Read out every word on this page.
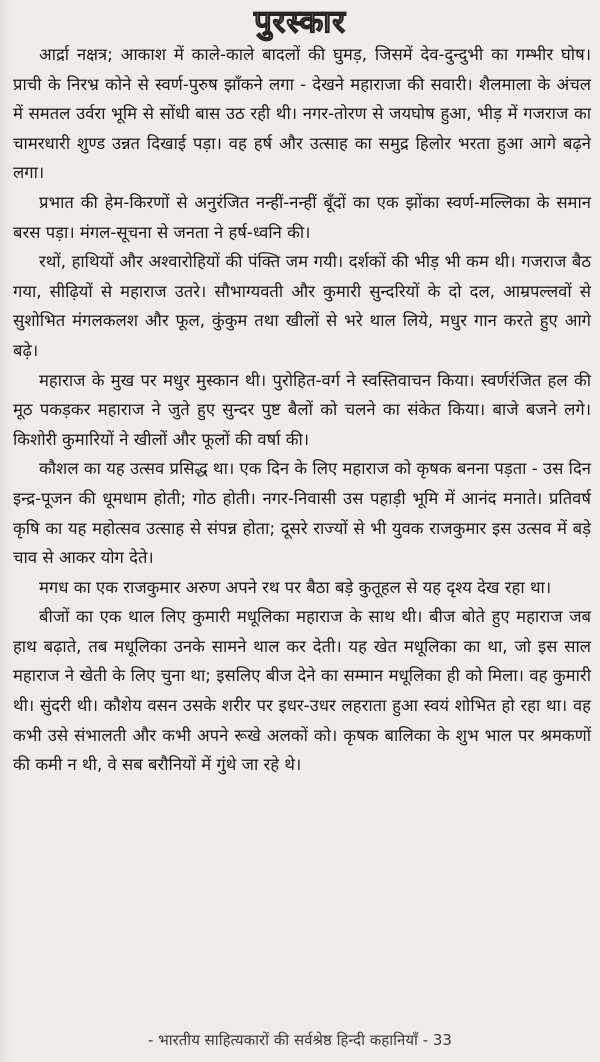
पुरस्कार

आर्द्रा नक्षत्र; आकाश में काले-काले बादलों की घुमड़, जिसमें देव-दुन्दुभी का गम्भीर घोष। प्राची के निरभ्र कोने से स्वर्ण-पुरुष झाँकने लगा - देखने महाराजा की सवारी। शैलमाला के अंचल में समतल उर्वरा भूमि से सोंधी बास उठ रही थी। नगर-तोरण से जयघोष हुआ, भीड़ में गजराज का चामरधारी शुण्ड उन्नत दिखाई पड़ा। वह हर्ष और उत्साह का समुद्र हिलोर भरता हुआ आगे बढ़ने लगा।

प्रभात की हेम-किरणों से अनुरंजित नन्हीं-नन्हीं बूँदों का एक झोंका स्वर्ण-मल्लिका के समान बरस पड़ा। मंगल-सूचना से जनता ने हर्ष-ध्वनि की।

रथों, हाथियों और अश्वारोहियों की पंक्ति जम गयी। दर्शकों की भीड़ भी कम थी। गजराज बैठ गया, सीढ़ियों से महाराज उतरे। सौभाग्यवती और कुमारी सुन्दरियों के दो दल, आम्रपल्लवों से सुशोभित मंगलकलश और फूल, कुंकुम तथा खीलों से भरे थाल लिये, मधुर गान करते हुए आगे बढ़े।

महाराज के मुख पर मधुर मुस्कान थी। पुरोहित-वर्ग ने स्वस्तिवाचन किया। स्वर्णरंजित हल की मूठ पकड़कर महाराज ने जुते हुए सुन्दर पुष्ट बैलों को चलने का संकेत किया। बाजे बजने लगे। किशोरी कुमारियों ने खीलों और फूलों की वर्षा की।

कौशल का यह उत्सव प्रसिद्ध था। एक दिन के लिए महाराज को कृषक बनना पड़ता - उस दिन इन्द्र-पूजन की धूमधाम होती; गोठ होती। नगर-निवासी उस पहाड़ी भूमि में आनंद मनाते। प्रतिवर्ष कृषि का यह महोत्सव उत्साह से संपन्न होता; दूसरे राज्यों से भी युवक राजकुमार इस उत्सव में बड़े चाव से आकर योग देते।

मगध का एक राजकुमार अरुण अपने रथ पर बैठा बड़े कुतूहल से यह दृश्य देख रहा था।

बीजों का एक थाल लिए कुमारी मधूलिका महाराज के साथ थी। बीज बोते हुए महाराज जब हाथ बढ़ाते, तब मधूलिका उनके सामने थाल कर देती। यह खेत मधूलिका का था, जो इस साल महाराज ने खेती के लिए चुना था; इसलिए बीज देने का सम्मान मधूलिका ही को मिला। वह कुमारी थी। सुंदरी थी। कौशेय वसन उसके शरीर पर इधर-उधर लहराता हुआ स्वयं शोभित हो रहा था। वह कभी उसे संभालती और कभी अपने रूखे अलकों को। कृषक बालिका के शुभ भाल पर श्रमकणों की कमी न थी, वे सब बरौनियों में गुंथे जा रहे थे।

- भारतीय साहित्यकारों की सर्वश्रेष्ठ हिन्दी कहानियाँ - 33
